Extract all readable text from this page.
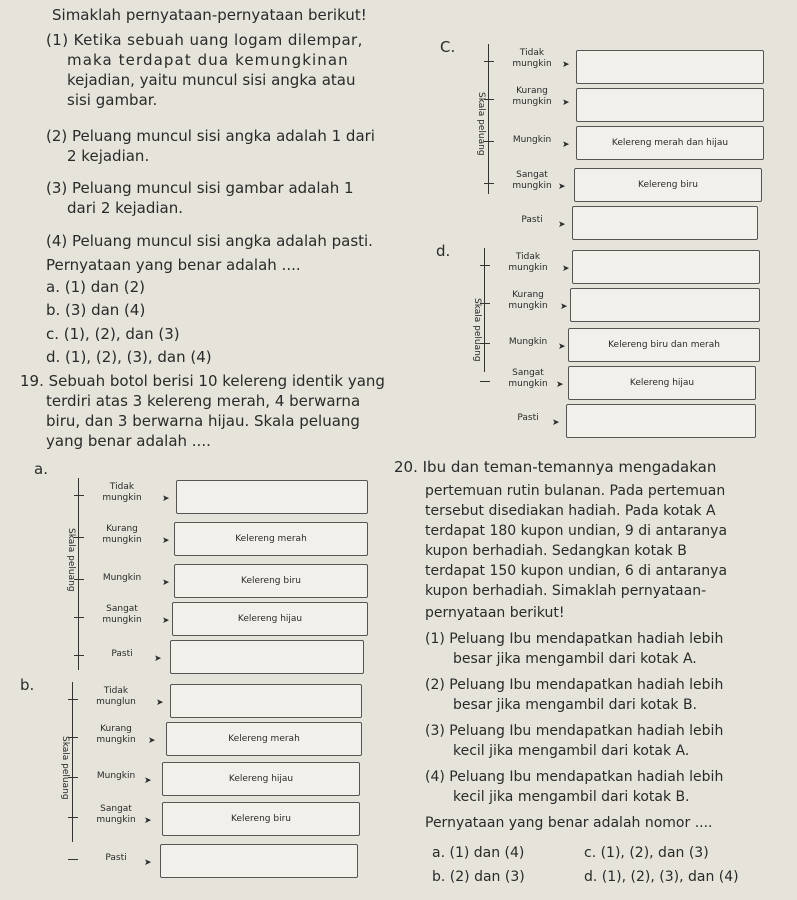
Simaklah pernyataan-pernyataan berikut!
(1) Ketika sebuah uang logam dilempar,
maka terdapat dua kemungkinan
kejadian, yaitu muncul sisi angka atau
sisi gambar.
(2) Peluang muncul sisi angka adalah 1 dari
2 kejadian.
(3) Peluang muncul sisi gambar adalah 1
dari 2 kejadian.
(4) Peluang muncul sisi angka adalah pasti.
Pernyataan yang benar adalah ....
a. (1) dan (2)
b. (3) dan (4)
c. (1), (2), dan (3)
d. (1), (2), (3), dan (4)
19. Sebuah botol berisi 10 kelereng identik yang
terdiri atas 3 kelereng merah, 4 berwarna
biru, dan 3 berwarna hijau. Skala peluang
yang benar adalah ....
a.
b.
C.
d.
Skala peluang
Tidak mungkin	➤
Kurang mungkin	➤	Kelereng merah
Mungkin	➤	Kelereng biru
Sangat mungkin	➤	Kelereng hijau
Pasti	➤
Skala peluang
Tidak munglun	➤
Kurang mungkin	➤	Kelereng merah
Mungkin ➤	Kelereng hijau
Sangat mungkin ➤	Kelereng biru
Pasti	➤
Skala peluang
Tidak mungkin	➤
Kurang mungkin	➤
Mungkin	➤	Kelereng merah dan hijau
Sangat mungkin ➤	Kelereng biru
Pasti	➤
Skala peluang
Tidak mungkin	➤
Kurang mungkin	➤
Mungkin	➤	Kelereng biru dan merah
Sangat mungkin ➤	Kelereng hijau
Pasti	➤
20. Ibu dan teman-temannya mengadakan
pertemuan rutin bulanan. Pada pertemuan
tersebut disediakan hadiah. Pada kotak A
terdapat 180 kupon undian, 9 di antaranya
kupon berhadiah. Sedangkan kotak B
terdapat 150 kupon undian, 6 di antaranya
kupon berhadiah. Simaklah pernyataan-
pernyataan berikut!
(1) Peluang Ibu mendapatkan hadiah lebih
besar jika mengambil dari kotak A.
(2) Peluang Ibu mendapatkan hadiah lebih
besar jika mengambil dari kotak B.
(3) Peluang Ibu mendapatkan hadiah lebih
kecil jika mengambil dari kotak A.
(4) Peluang Ibu mendapatkan hadiah lebih
kecil jika mengambil dari kotak B.
Pernyataan yang benar adalah nomor ....
a. (1) dan (4)
b. (2) dan (3)
c. (1), (2), dan (3)
d. (1), (2), (3), dan (4)
